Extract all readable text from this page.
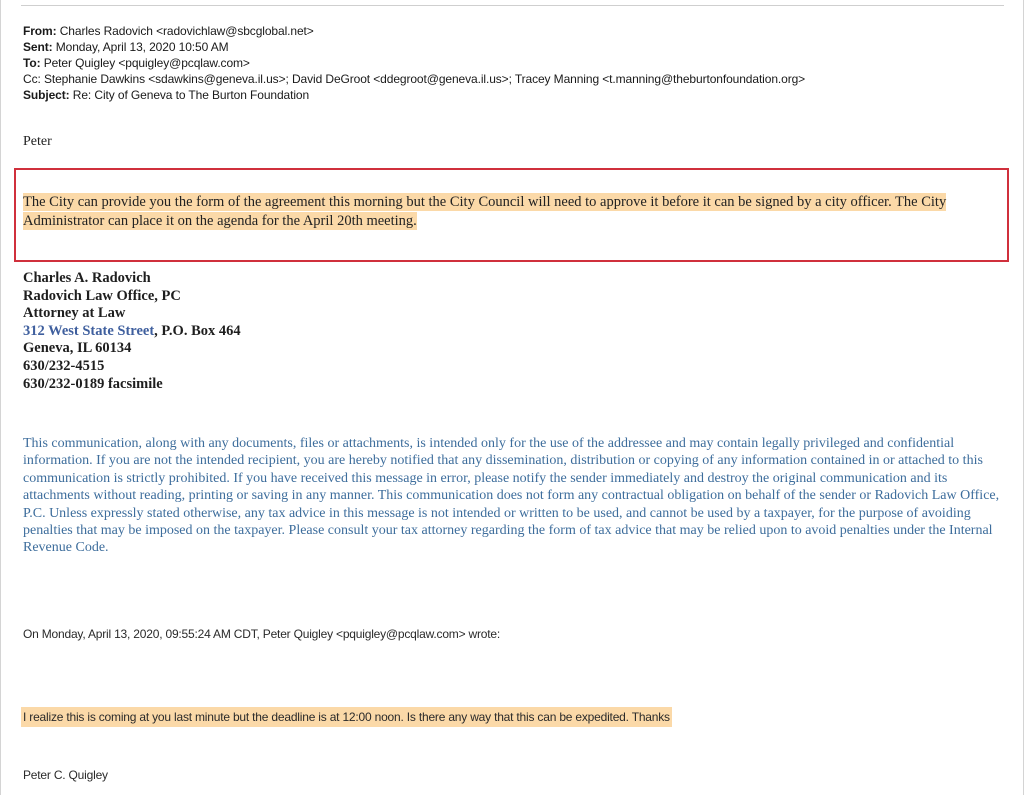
From: Charles Radovich <radovichlaw@sbcglobal.net>
Sent: Monday, April 13, 2020 10:50 AM
To: Peter Quigley <pquigley@pcqlaw.com>
Cc: Stephanie Dawkins <sdawkins@geneva.il.us>; David DeGroot <ddegroot@geneva.il.us>; Tracey Manning <t.manning@theburtonfoundation.org>
Subject: Re: City of Geneva to The Burton Foundation
Peter
The City can provide you the form of the agreement this morning but the City Council will need to approve it before it can be signed by a city officer. The City Administrator can place it on the agenda for the April 20th meeting.
Charles A. Radovich
Radovich Law Office, PC
Attorney at Law
312 West State Street, P.O. Box 464
Geneva, IL 60134
630/232-4515
630/232-0189 facsimile
This communication, along with any documents, files or attachments, is intended only for the use of the addressee and may contain legally privileged and confidential information. If you are not the intended recipient, you are hereby notified that any dissemination, distribution or copying of any information contained in or attached to this communication is strictly prohibited. If you have received this message in error, please notify the sender immediately and destroy the original communication and its attachments without reading, printing or saving in any manner. This communication does not form any contractual obligation on behalf of the sender or Radovich Law Office, P.C. Unless expressly stated otherwise, any tax advice in this message is not intended or written to be used, and cannot be used by a taxpayer, for the purpose of avoiding penalties that may be imposed on the taxpayer. Please consult your tax attorney regarding the form of tax advice that may be relied upon to avoid penalties under the Internal Revenue Code.
On Monday, April 13, 2020, 09:55:24 AM CDT, Peter Quigley <pquigley@pcqlaw.com> wrote:
I realize this is coming at you last minute but the deadline is at 12:00 noon. Is there any way that this can be expedited. Thanks
Peter C. Quigley
